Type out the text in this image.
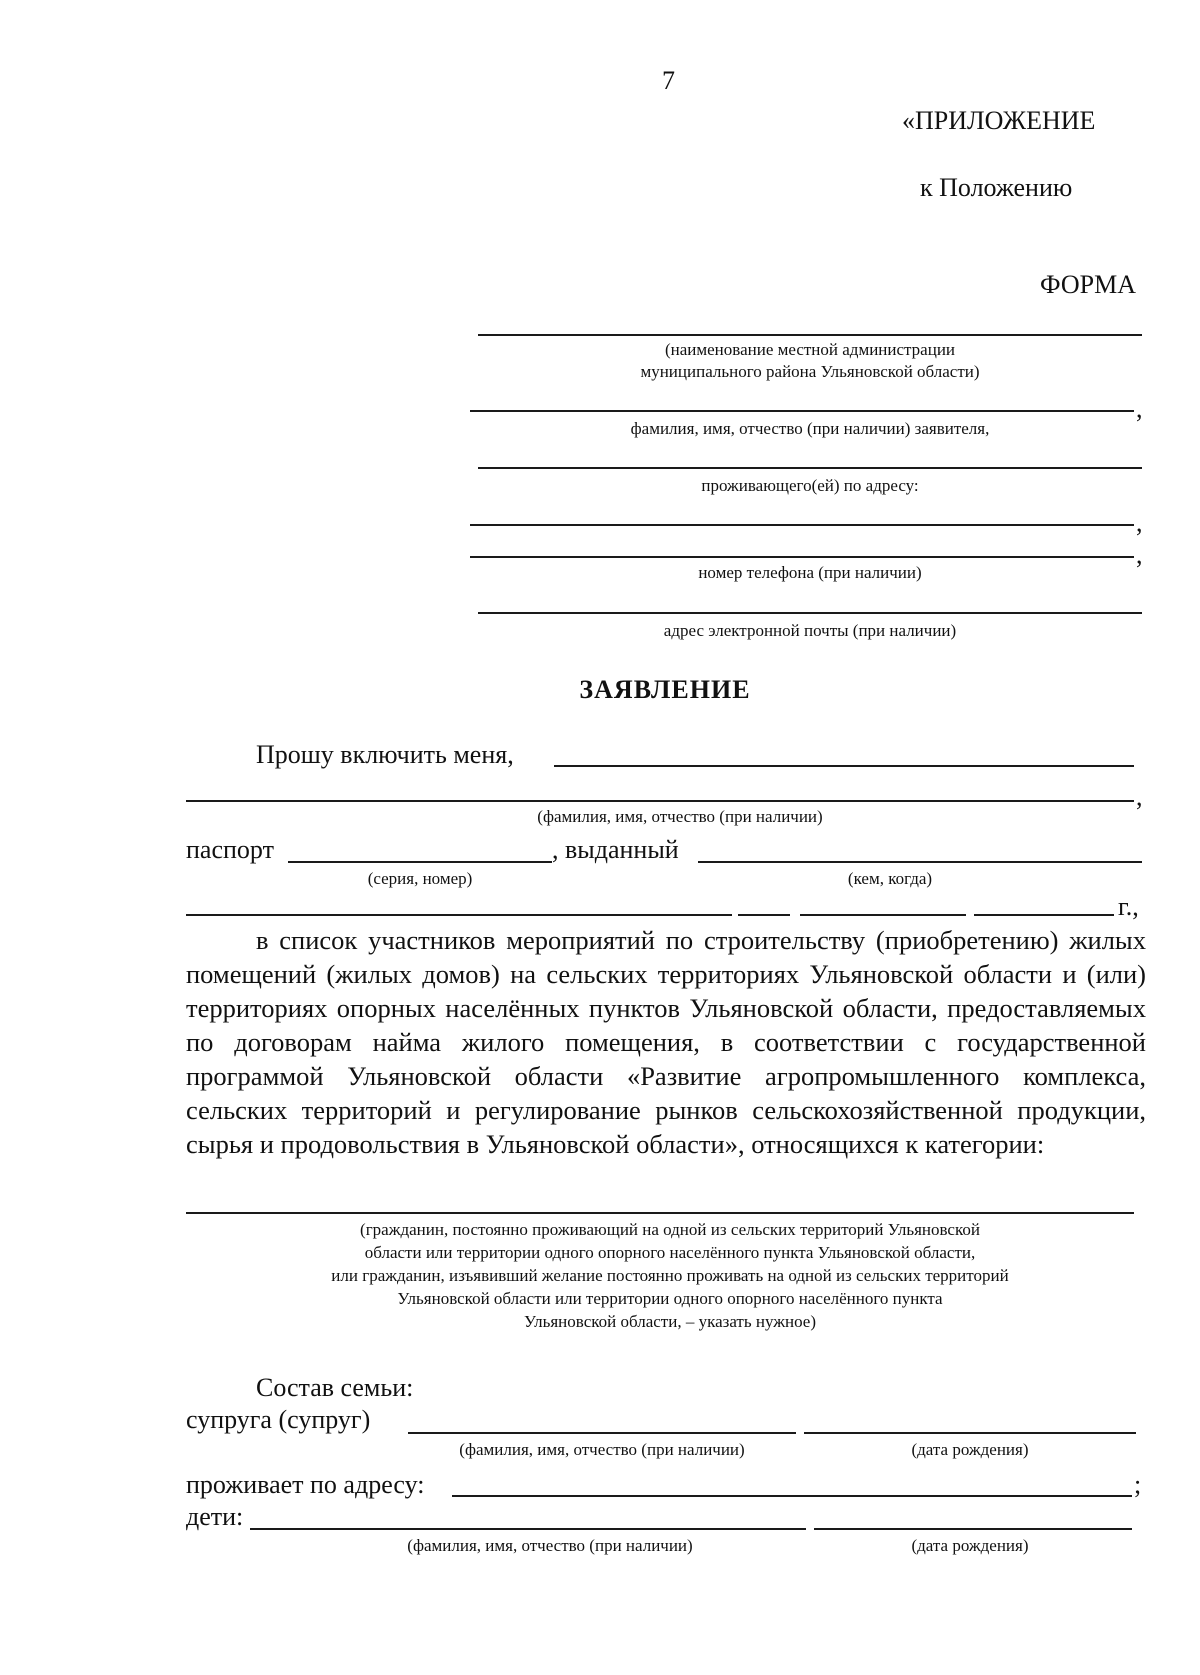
7
«ПРИЛОЖЕНИЕ
к Положению
ФОРМА
(наименование местной администрации
муниципального района Ульяновской области)
,
фамилия, имя, отчество (при наличии) заявителя,
проживающего(ей) по адресу:
,
,
номер телефона (при наличии)
адрес электронной почты (при наличии)
ЗАЯВЛЕНИЕ
Прошу включить меня,
,
(фамилия, имя, отчество (при наличии)
паспорт	, выданный
(серия, номер)	(кем, когда)
г.,

в список участников мероприятий по строительству (приобретению) жилых помещений (жилых домов) на сельских территориях Ульяновской области и (или) территориях опорных населённых пунктов Ульяновской области, предоставляемых по договорам найма жилого помещения, в соответствии с государственной программой Ульяновской области «Развитие агропромышленного комплекса, сельских территорий и регулирование рынков сельскохозяйственной продукции, сырья и продовольствия в Ульяновской области», относящихся к категории:

(гражданин, постоянно проживающий на одной из сельских территорий Ульяновской
области или территории одного опорного населённого пункта Ульяновской области,
или гражданин, изъявивший желание постоянно проживать на одной из сельских территорий
Ульяновской области или территории одного опорного населённого пункта
Ульяновской области, – указать нужное)
Состав семьи:
супруга (супруг)
(фамилия, имя, отчество (при наличии)	(дата рождения)
проживает по адресу:	;
дети:
(фамилия, имя, отчество (при наличии)	(дата рождения)
